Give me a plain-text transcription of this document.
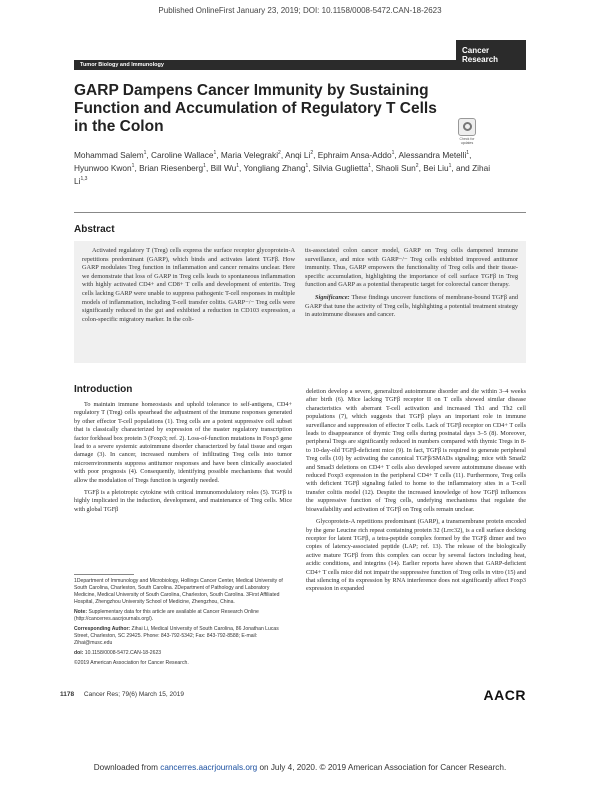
Published OnlineFirst January 23, 2019; DOI: 10.1158/0008-5472.CAN-18-2623
Tumor Biology and Immunology
Cancer
Research
GARP Dampens Cancer Immunity by Sustaining Function and Accumulation of Regulatory T Cells in the Colon
Check for updates
Mohammad Salem$^1$, Caroline Wallace$^1$, Maria Velegraki$^2$, Anqi Li$^2$, Ephraim Ansa-Addo$^1$, Alessandra Metelli$^1$, Hyunwoo Kwon$^1$, Brian Riesenberg$^1$, Bill Wu$^1$, Yongliang Zhang$^1$, Silvia Guglietta$^1$, Shaoli Sun$^2$, Bei Liu$^1$, and Zihai Li$^{1,3}$
Abstract

Activated regulatory T (Treg) cells express the surface receptor glycoprotein-A repetitions predominant (GARP), which binds and activates latent TGFβ. How GARP modulates Treg function in inflammation and cancer remains unclear. Here we demonstrate that loss of GARP in Treg cells leads to spontaneous inflammation with highly activated CD4+ and CD8+ T cells and development of enteritis. Treg cells lacking GARP were unable to suppress pathogenic T-cell responses in multiple models of inflammation, including T-cell transfer colitis. GARP−/− Treg cells were significantly reduced in the gut and exhibited a reduction in CD103 expression, a colon-specific migratory marker. In the coli-

tis-associated colon cancer model, GARP on Treg cells dampened immune surveillance, and mice with GARP−/− Treg cells exhibited improved antitumor immunity. Thus, GARP empowers the functionality of Treg cells and their tissue-specific accumulation, highlighting the importance of cell surface TGFβ in Treg function and GARP as a potential therapeutic target for colorectal cancer therapy.

Significance: These findings uncover functions of membrane-bound TGFβ and GARP that tune the activity of Treg cells, highlighting a potential treatment strategy in autoimmune diseases and cancer.

Introduction

To maintain immune homeostasis and uphold tolerance to self-antigens, CD4+ regulatory T (Treg) cells spearhead the adjustment of the immune responses generated by other effector T-cell populations (1). Treg cells are a potent suppressive cell subset that is classically characterized by expression of the master regulatory transcription factor forkhead box protein 3 (Foxp3; ref. 2). Loss-of-function mutations in Foxp3 gene lead to a severe systemic autoimmune disorder characterized by fatal tissue and organ damage (3). In cancer, increased numbers of infiltrating Treg cells into tumor microenvironments suppress antitumor responses and have been clinically associated with poor prognosis (4). Consequently, identifying possible mechanisms that would allow the modulation of Tregs function is urgently needed.

TGFβ is a pleiotropic cytokine with critical immunomodulatory roles (5). TGFβ is highly implicated in the induction, development, and maintenance of Treg cells. Mice with global TGFβ

deletion develop a severe, generalized autoimmune disorder and die within 3–4 weeks after birth (6). Mice lacking TGFβ receptor II on T cells showed similar disease characteristics with aberrant T-cell activation and increased Th1 and Th2 cell populations (7), which suggests that TGFβ plays an important role in immune surveillance and suppression of effector T cells. Lack of TGFβ receptor on CD4+ T cells leads to disappearance of thymic Treg cells during postnatal days 3–5 (8). Moreover, peripheral Tregs are significantly reduced in numbers compared with thymic Tregs in 8- to 10-day-old TGFβ-deficient mice (9). In fact, TGFβ is required to generate peripheral Treg cells (10) by activating the canonical TGFβ/SMADs signaling; mice with Smad2 and Smad3 deletions on CD4+ T cells also developed severe autoimmune disease with reduced Foxp3 expression in the peripheral CD4+ T cells (11). Furthermore, Treg cells with deficient TGFβ signaling failed to home to the inflammatory sites in a T-cell transfer colitis model (12). Despite the increased knowledge of how TGFβ influences the suppressive function of Treg cells, undefying mechanisms that regulate the bioavailability and activation of TGFβ on Treg cells remain unclear.

Glycoprotein-A repetitions predominant (GARP), a transmembrane protein encoded by the gene Leucine rich repeat containing protein 32 (Lrrc32), is a cell surface docking receptor for latent TGFβ, a tetra-peptide complex formed by the TGFβ dimer and two copies of latency-associated peptide (LAP; ref. 13). The release of the biologically active mature TGFβ from this complex can occur by several factors including heat, acidic conditions, and integrins (14). Earlier reports have shown that GARP-deficient CD4+ T cells mice did not impair the suppressive function of Treg cells in vitro (15) and that silencing of its expression by RNA interference does not significantly affect Foxp3 expression in expanded

1Department of Immunology and Microbiology, Hollings Cancer Center, Medical University of South Carolina, Charleston, South Carolina. 2Department of Pathology and Laboratory Medicine, Medical University of South Carolina, Charleston, South Carolina. 3First Affiliated Hospital, Zhengzhou University School of Medicine, Zhengzhou, China.

Note: Supplementary data for this article are available at Cancer Research Online (http://cancerres.aacrjournals.org/).

Corresponding Author: Zihai Li, Medical University of South Carolina, 86 Jonathan Lucas Street, Charleston, SC 29425. Phone: 843-792-5342; Fax: 843-792-8588; E-mail: Zihai@musc.edu

doi: 10.1158/0008-5472.CAN-18-2623

©2019 American Association for Cancer Research.

1178 Cancer Res; 79(6) March 15, 2019	AACR
Downloaded from cancerres.aacrjournals.org on July 4, 2020. © 2019 American Association for Cancer Research.
